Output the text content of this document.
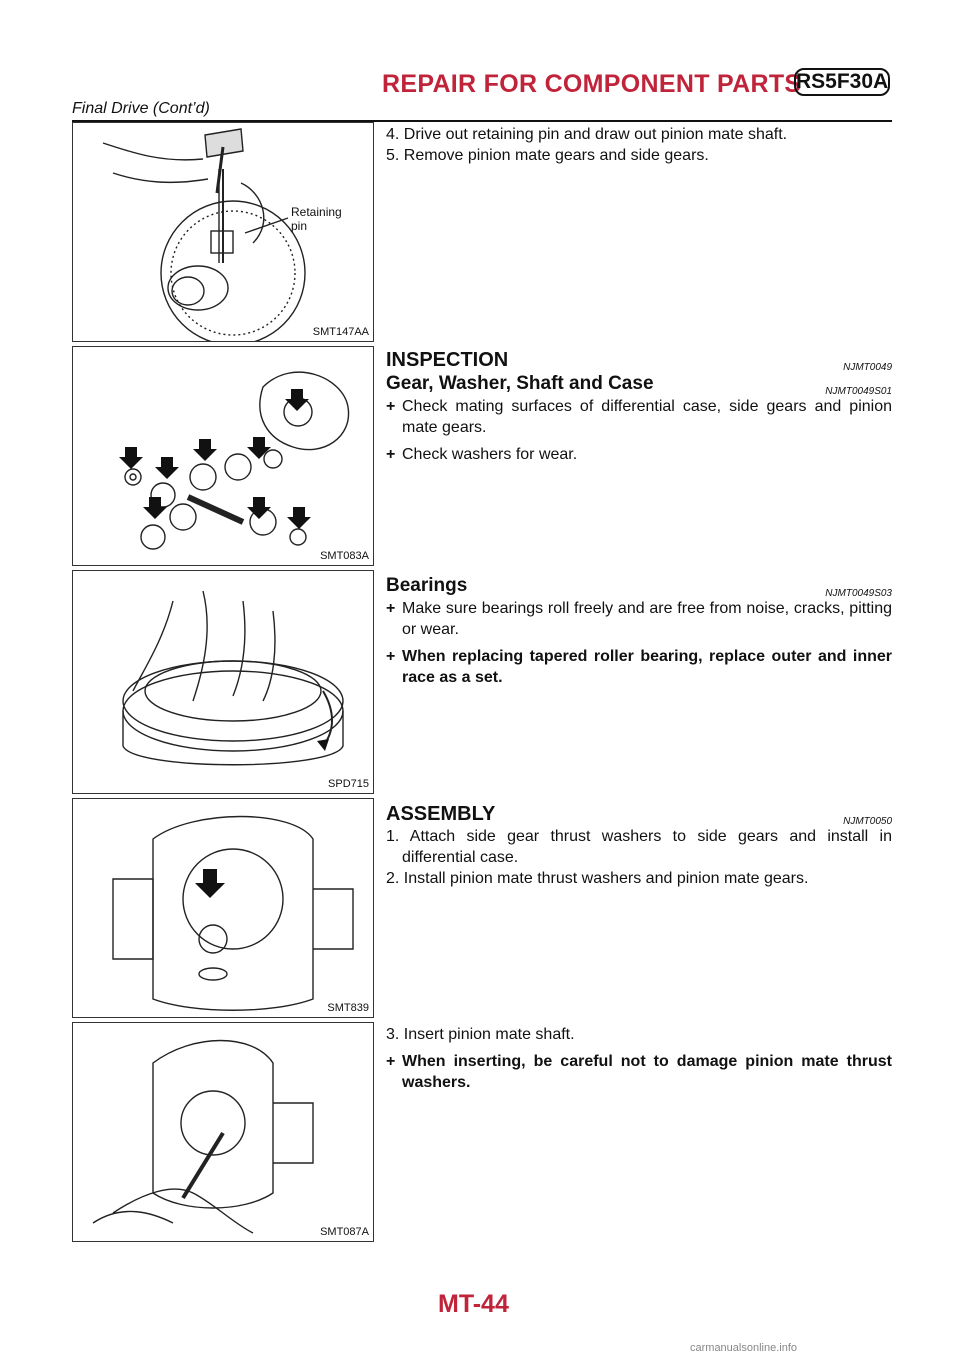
REPAIR FOR COMPONENT PARTS
RS5F30A
Final Drive (Cont’d)
Retaining
pin
SMT147AA
SMT083A
SPD715
SMT839
SMT087A

4. Drive out retaining pin and draw out pinion mate shaft.

5. Remove pinion mate gears and side gears.

INSPECTION	NJMT0049
Gear, Washer, Shaft and Case	NJMT0049S01
+ Check mating surfaces of differential case, side gears and pinion mate gears.
+ Check washers for wear.
Bearings	NJMT0049S03
+ Make sure bearings roll freely and are free from noise, cracks, pitting or wear.
+ When replacing tapered roller bearing, replace outer and inner race as a set.
ASSEMBLY	NJMT0050

1. Attach side gear thrust washers to side gears and install in differential case.

2. Install pinion mate thrust washers and pinion mate gears.

3. Insert pinion mate shaft.

+ When inserting, be careful not to damage pinion mate thrust washers.
MT-44
carmanualsonline.info
